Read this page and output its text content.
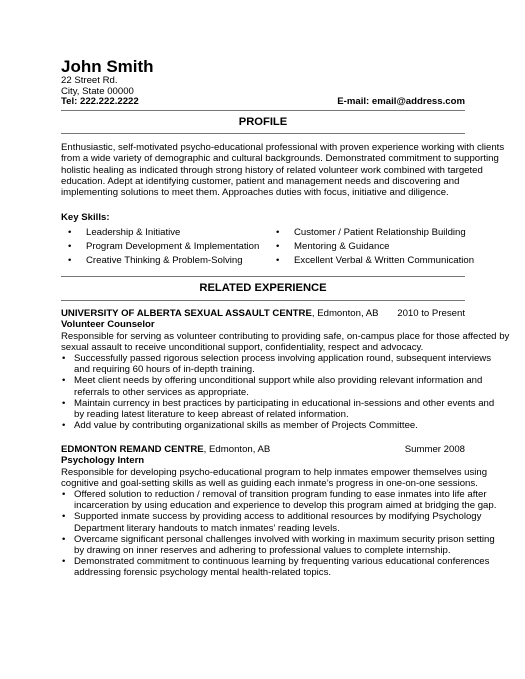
John Smith
22 Street Rd.
City, State 00000
Tel: 222.222.2222	E-mail: email@address.com
PROFILE
Enthusiastic, self-motivated psycho-educational professional with proven experience working with clients
from a wide variety of demographic and cultural backgrounds. Demonstrated commitment to supporting
holistic healing as indicated through strong history of related volunteer work combined with targeted
education. Adept at identifying customer, patient and management needs and discovering and
implementing solutions to meet them. Approaches duties with focus, initiative and diligence.
Key Skills:
• Leadership & Initiative
• Program Development & Implementation
• Creative Thinking & Problem-Solving
• Customer / Patient Relationship Building
• Mentoring & Guidance
• Excellent Verbal & Written Communication
RELATED EXPERIENCE
UNIVERSITY OF ALBERTA SEXUAL ASSAULT CENTRE, Edmonton, AB 2010 to Present
Volunteer Counselor
Responsible for serving as volunteer contributing to providing safe, on-campus place for those affected by
sexual assault to receive unconditional support, confidentiality, respect and advocacy.
• Successfully passed rigorous selection process involving application round, subsequent interviews
and requiring 60 hours of in-depth training.
• Meet client needs by offering unconditional support while also providing relevant information and
referrals to other services as appropriate.
• Maintain currency in best practices by participating in educational in-sessions and other events and
by reading latest literature to keep abreast of related information.
• Add value by contributing organizational skills as member of Projects Committee.
EDMONTON REMAND CENTRE, Edmonton, AB	Summer 2008
Psychology Intern
Responsible for developing psycho-educational program to help inmates empower themselves using
cognitive and goal-setting skills as well as guiding each inmate’s progress in one-on-one sessions.
• Offered solution to reduction / removal of transition program funding to ease inmates into life after
incarceration by using education and experience to develop this program aimed at bridging the gap.
• Supported inmate success by providing access to additional resources by modifying Psychology
Department literary handouts to match inmates’ reading levels.
• Overcame significant personal challenges involved with working in maximum security prison setting
by drawing on inner reserves and adhering to professional values to complete internship.
• Demonstrated commitment to continuous learning by frequenting various educational conferences
addressing forensic psychology mental health-related topics.
